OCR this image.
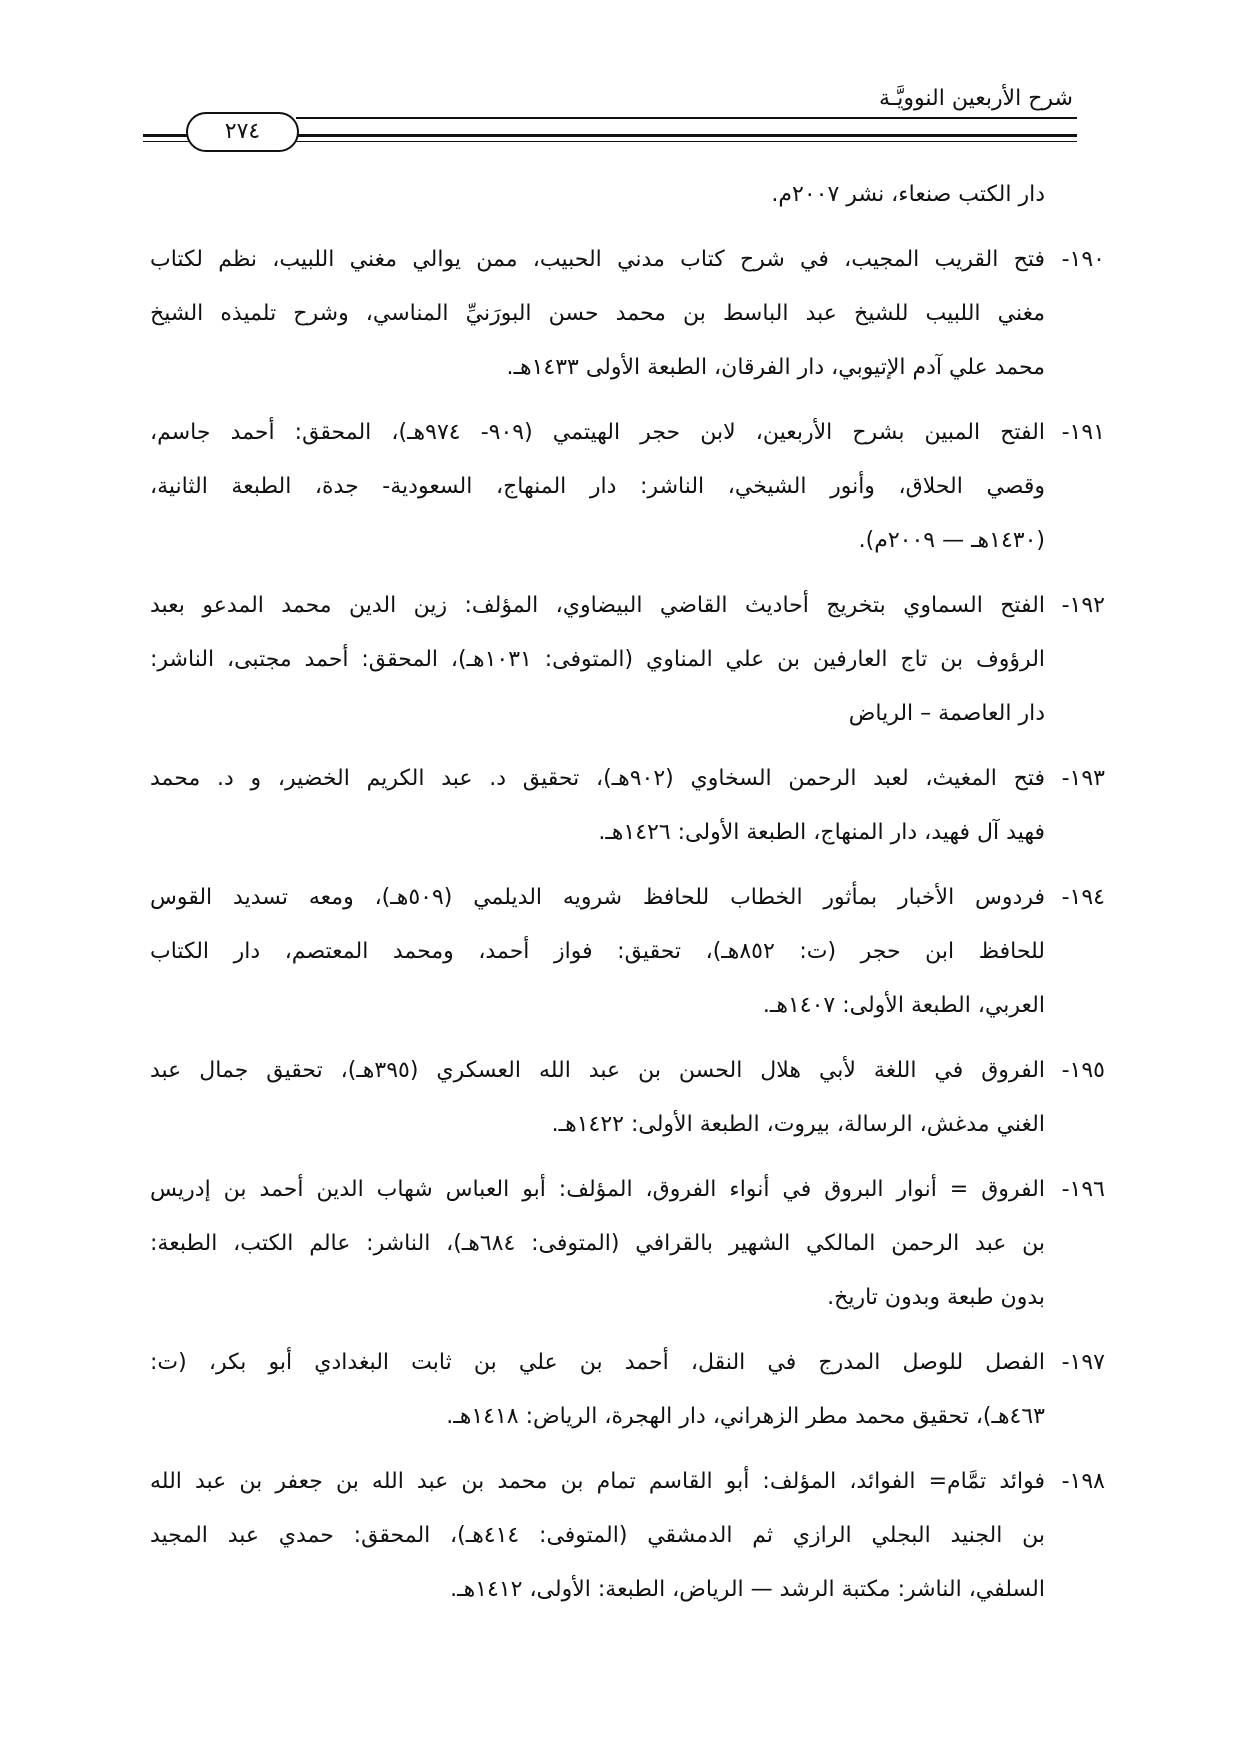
شرح الأربعين النوويَّـة
٢٧٤
دار الكتب صنعاء، نشر ٢٠٠٧م.
١٩٠-
فتح القريب المجيب، في شرح كتاب مدني الحبيب، ممن يوالي مغني اللبيب، نظم لكتاب
مغني اللبيب للشيخ عبد الباسط بن محمد حسن البورَنيِّ المناسي، وشرح تلميذه الشيخ
محمد علي آدم الإتيوبي، دار الفرقان، الطبعة الأولى ١٤٣٣هـ.
١٩١-
الفتح المبين بشرح الأربعين، لابن حجر الهيتمي (٩٠٩- ٩٧٤هـ)، المحقق: أحمد جاسم،
وقصي الحلاق، وأنور الشيخي، الناشر: دار المنهاج، السعودية- جدة، الطبعة الثانية،
(١٤٣٠هـ — ٢٠٠٩م).
١٩٢-
الفتح السماوي بتخريج أحاديث القاضي البيضاوي، المؤلف: زين الدين محمد المدعو بعبد
الرؤوف بن تاج العارفين بن علي المناوي (المتوفى: ١٠٣١هـ)، المحقق: أحمد مجتبى، الناشر:
دار العاصمة – الرياض
١٩٣-
فتح المغيث، لعبد الرحمن السخاوي (٩٠٢هـ)، تحقيق د. عبد الكريم الخضير، و د. محمد
فهيد آل فهيد، دار المنهاج، الطبعة الأولى: ١٤٢٦هـ.
١٩٤-
فردوس الأخبار بمأثور الخطاب للحافظ شرويه الديلمي (٥٠٩هـ)، ومعه تسديد القوس
للحافظ ابن حجر (ت: ٨٥٢هـ)، تحقيق: فواز أحمد، ومحمد المعتصم، دار الكتاب
العربي، الطبعة الأولى: ١٤٠٧هـ.
١٩٥-
الفروق في اللغة لأبي هلال الحسن بن عبد الله العسكري (٣٩٥هـ)، تحقيق جمال عبد
الغني مدغش، الرسالة، بيروت، الطبعة الأولى: ١٤٢٢هـ.
١٩٦-
الفروق = أنوار البروق في أنواء الفروق، المؤلف: أبو العباس شهاب الدين أحمد بن إدريس
بن عبد الرحمن المالكي الشهير بالقرافي (المتوفى: ٦٨٤هـ)، الناشر: عالم الكتب، الطبعة:
بدون طبعة وبدون تاريخ.
١٩٧-
الفصل للوصل المدرج في النقل، أحمد بن علي بن ثابت البغدادي أبو بكر، (ت:
٤٦٣هـ)، تحقيق محمد مطر الزهراني، دار الهجرة، الرياض: ١٤١٨هـ.
١٩٨-
فوائد تمَّام= الفوائد، المؤلف: أبو القاسم تمام بن محمد بن عبد الله بن جعفر بن عبد الله
بن الجنيد البجلي الرازي ثم الدمشقي (المتوفى: ٤١٤هـ)، المحقق: حمدي عبد المجيد
السلفي، الناشر: مكتبة الرشد — الرياض، الطبعة: الأولى، ١٤١٢هـ.
